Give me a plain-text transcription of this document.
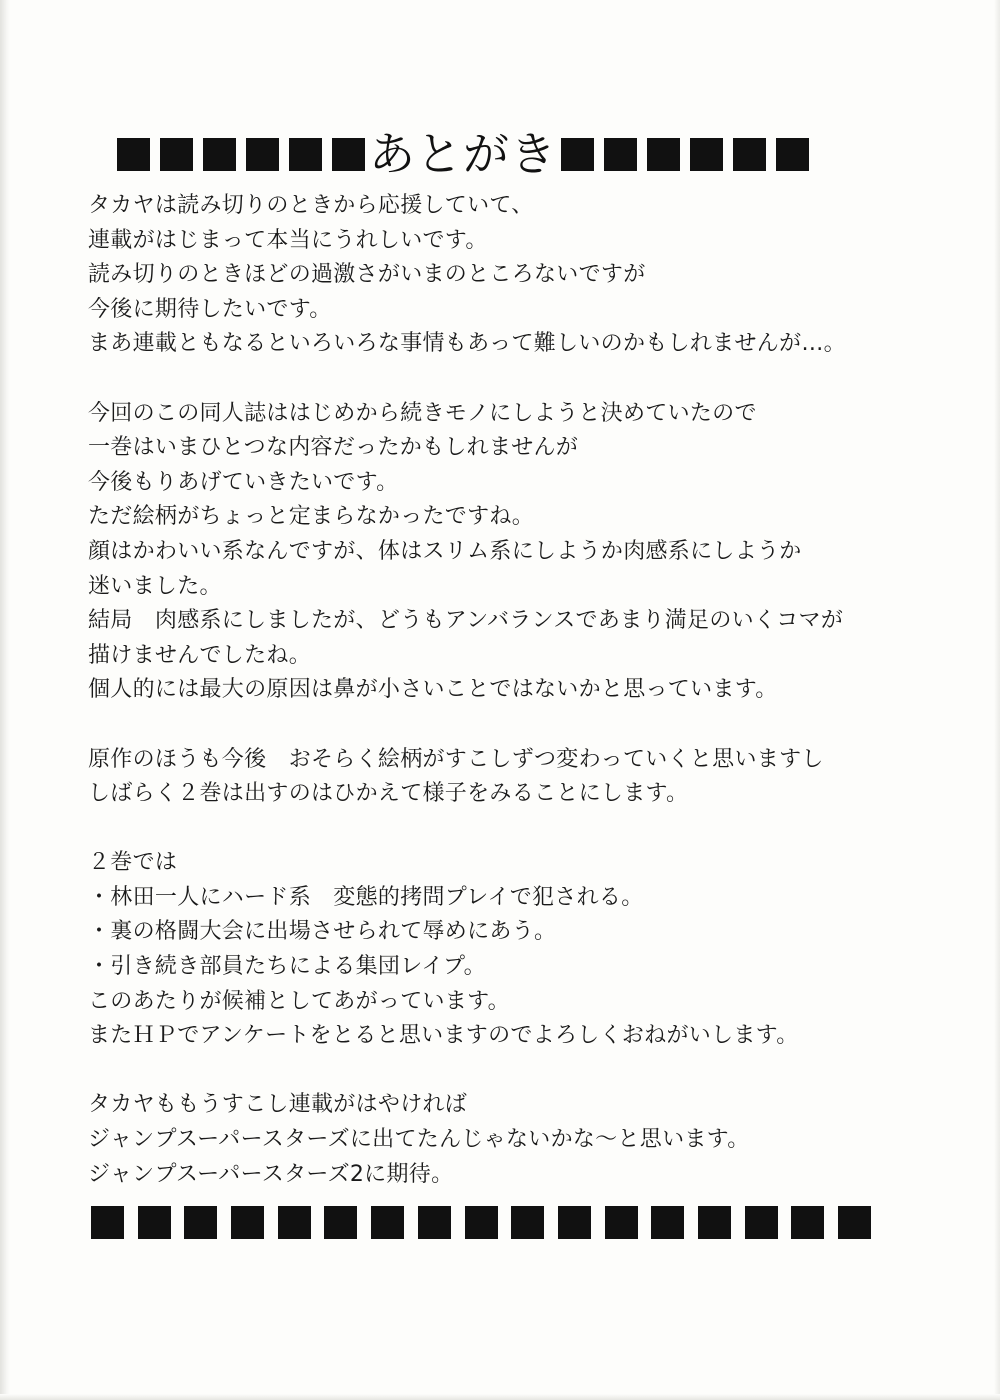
あとがき
タカヤは読み切りのときから応援していて、
連載がはじまって本当にうれしいです。
読み切りのときほどの過激さがいまのところないですが
今後に期待したいです。
まあ連載ともなるといろいろな事情もあって難しいのかもしれませんが…。
今回のこの同人誌ははじめから続きモノにしようと決めていたので
一巻はいまひとつな内容だったかもしれませんが
今後もりあげていきたいです。
ただ絵柄がちょっと定まらなかったですね。
顔はかわいい系なんですが、体はスリム系にしようか肉感系にしようか
迷いました。
結局　肉感系にしましたが、どうもアンバランスであまり満足のいくコマが
描けませんでしたね。
個人的には最大の原因は鼻が小さいことではないかと思っています。
原作のほうも今後　おそらく絵柄がすこしずつ変わっていくと思いますし
しばらく２巻は出すのはひかえて様子をみることにします。
２巻では
・林田一人にハード系　変態的拷問プレイで犯される。
・裏の格闘大会に出場させられて辱めにあう。
・引き続き部員たちによる集団レイプ。
このあたりが候補としてあがっています。
またＨＰでアンケートをとると思いますのでよろしくおねがいします。
タカヤももうすこし連載がはやければ
ジャンプスーパースターズに出てたんじゃないかな～と思います。
ジャンプスーパースターズ2に期待。
